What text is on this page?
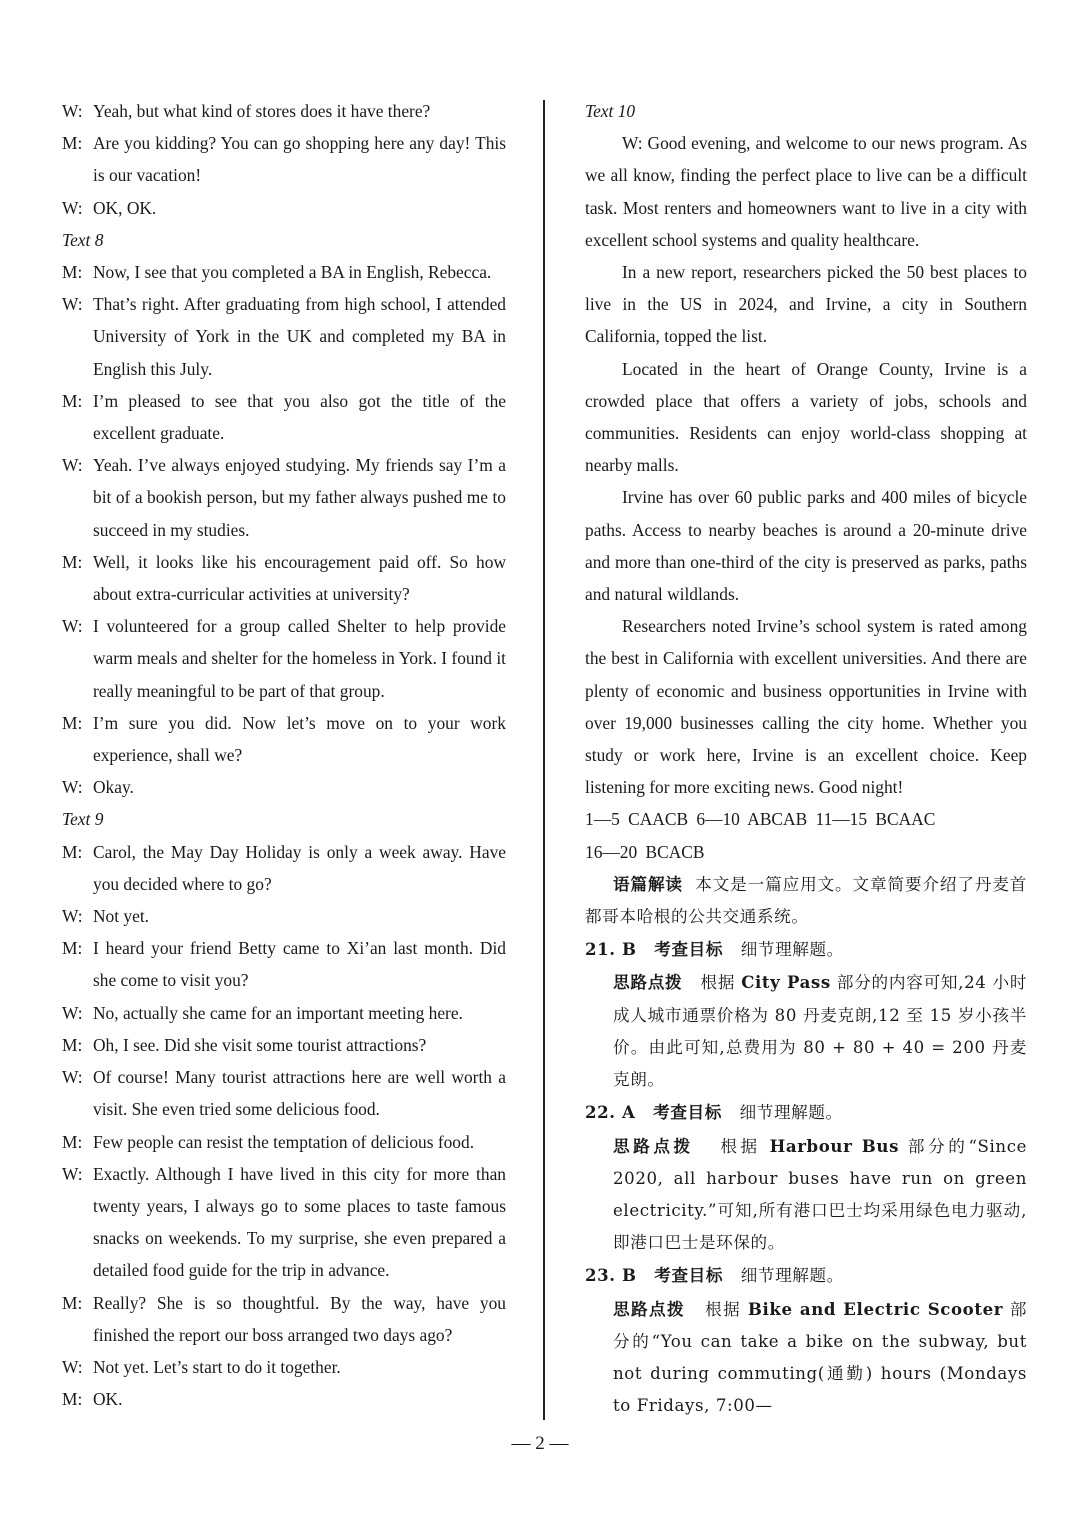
W: Yeah, but what kind of stores does it have there?

M: Are you kidding? You can go shopping here any day! This is our vacation!

W: OK, OK.

Text 8

M: Now, I see that you completed a BA in English, Rebecca.

W: That’s right. After graduating from high school, I attended University of York in the UK and completed my BA in English this July.

M: I’m pleased to see that you also got the title of the excellent graduate.

W: Yeah. I’ve always enjoyed studying. My friends say I’m a bit of a bookish person, but my father always pushed me to succeed in my studies.

M: Well, it looks like his encouragement paid off. So how about extra-curricular activities at university?

W: I volunteered for a group called Shelter to help provide warm meals and shelter for the homeless in York. I found it really meaningful to be part of that group.

M: I’m sure you did. Now let’s move on to your work experience, shall we?

W: Okay.

Text 9

M: Carol, the May Day Holiday is only a week away. Have you decided where to go?

W: Not yet.

M: I heard your friend Betty came to Xi’an last month. Did she come to visit you?

W: No, actually she came for an important meeting here.

M: Oh, I see. Did she visit some tourist attractions?

W: Of course! Many tourist attractions here are well worth a visit. She even tried some delicious food.

M: Few people can resist the temptation of delicious food.

W: Exactly. Although I have lived in this city for more than twenty years, I always go to some places to taste famous snacks on weekends. To my surprise, she even prepared a detailed food guide for the trip in advance.

M: Really? She is so thoughtful. By the way, have you finished the report our boss arranged two days ago?

W: Not yet. Let’s start to do it together.

M: OK.

Text 10

W: Good evening, and welcome to our news program. As we all know, finding the perfect place to live can be a difficult task. Most renters and homeowners want to live in a city with excellent school systems and quality healthcare.

In a new report, researchers picked the 50 best places to live in the US in 2024, and Irvine, a city in Southern California, topped the list.

Located in the heart of Orange County, Irvine is a crowded place that offers a variety of jobs, schools and communities. Residents can enjoy world-class shopping at nearby malls.

Irvine has over 60 public parks and 400 miles of bicycle paths. Access to nearby beaches is around a 20-minute drive and more than one-third of the city is preserved as parks, paths and natural wildlands.

Researchers noted Irvine’s school system is rated among the best in California with excellent universities. And there are plenty of economic and business opportunities in Irvine with over 19,000 businesses calling the city home. Whether you study or work here, Irvine is an excellent choice. Keep listening for more exciting news. Good night!

1—5 CAACB 6—10 ABCAB 11—15 BCAAC

16—20 BCACB

语篇解读 本文是一篇应用文。文章简要介绍了丹麦首都哥本哈根的公共交通系统。

21. B 考查目标 细节理解题。

思路点拨 根据 City Pass 部分的内容可知,24 小时成人城市通票价格为 80 丹麦克朗,12 至 15 岁小孩半价。由此可知,总费用为 80 + 80 + 40 = 200 丹麦克朗。

22. A 考查目标 细节理解题。

思路点拨 根据 Harbour Bus 部分的“Since 2020, all harbour buses have run on green electricity.”可知,所有港口巴士均采用绿色电力驱动,即港口巴士是环保的。

23. B 考查目标 细节理解题。

思路点拨 根据 Bike and Electric Scooter 部分的“You can take a bike on the subway, but not during commuting(通勤) hours (Mondays to Fridays, 7:00—

— 2 —
